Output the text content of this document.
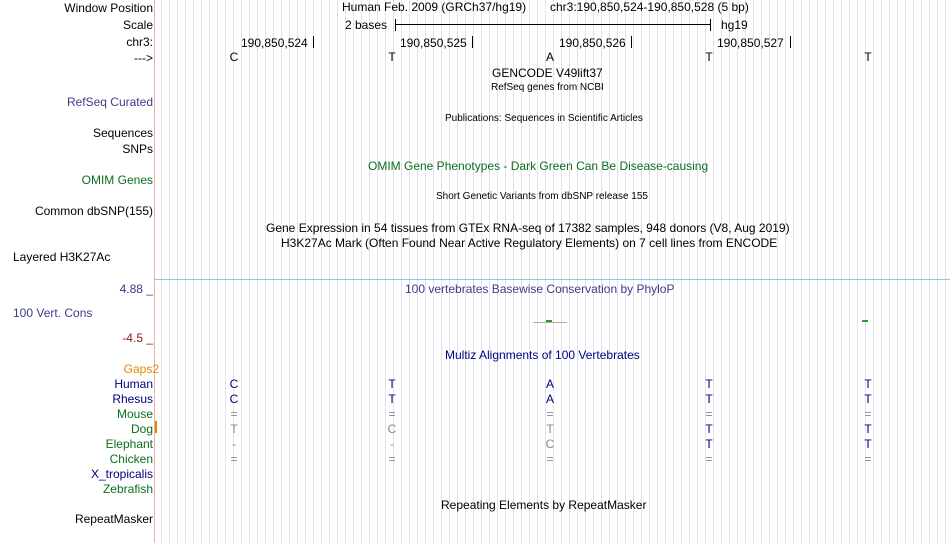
Window Position
Scale
chr3:
--->
RefSeq Curated
Sequences
SNPs
OMIM Genes
Common dbSNP(155)
Layered H3K27Ac
4.88 _
100 Vert. Cons
-4.5 _
Gaps2
RepeatMasker
Human Feb. 2009 (GRCh37/hg19) chr3:190,850,524-190,850,528 (5 bp)
2 bases	hg19
190,850,524	190,850,525	190,850,526	190,850,527
C	T	A	T	T
GENCODE V49lift37
RefSeq genes from NCBI
Publications: Sequences in Scientific Articles
OMIM Gene Phenotypes - Dark Green Can Be Disease-causing
Short Genetic Variants from dbSNP release 155
Gene Expression in 54 tissues from GTEx RNA-seq of 17382 samples, 948 donors (V8, Aug 2019)
H3K27Ac Mark (Often Found Near Active Regulatory Elements) on 7 cell lines from ENCODE
100 vertebrates Basewise Conservation by PhyloP
Multiz Alignments of 100 Vertebrates
Repeating Elements by RepeatMasker
Human	C	T	A	T	T
Rhesus	C	T	A	T	T
Mouse	=	=	=	=	=
Dog	T	C	T	T	T
Elephant	-	-	C	T	T
Chicken	=	=	=	=	=
X_tropicalis
Zebrafish
